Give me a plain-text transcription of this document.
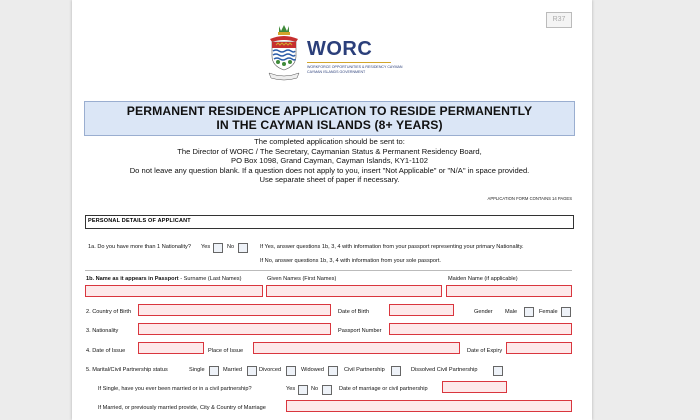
R37
WORC
WORKFORCE OPPORTUNITIES & RESIDENCY CAYMAN
CAYMAN ISLANDS GOVERNMENT
PERMANENT RESIDENCE APPLICATION TO RESIDE PERMANENTLY
IN THE CAYMAN ISLANDS (8+ YEARS)
The completed application should be sent to:
The Director of WORC / The Secretary, Caymanian Status & Permanent Residency Board,
PO Box 1098, Grand Cayman, Cayman Islands, KY1-1102
Do not leave any question blank. If a question does not apply to you, insert "Not Applicable" or "N/A" in space provided.
Use separate sheet of paper if necessary.
APPLICATION FORM CONTAINS 14 PAGES
PERSONAL DETAILS OF APPLICANT
1a. Do you have more than 1 Nationality? Yes	No	If Yes, answer questions 1b, 3, 4 with information from your passport representing your primary Nationality.
If No, answer questions 1b, 3, 4 with information from your sole passport.
1b. Name as it appears in Passport - Surname (Last Names)	Given Names (First Names)	Maiden Name (if applicable)
2. Country of Birth	Date of Birth	Gender Male	Female
3. Nationality	Passport Number
4. Date of Issue	Place of Issue	Date of Expiry
5. Marital/Civil Partnership status	Single	Married	Divorced	Widowed	Civil Partnership	Dissolved Civil Partnership
If Single, have you ever been married or in a civil partnership?	Yes	No	Date of marriage or civil partnership
If Married, or previously married provide, City & Country of Marriage
